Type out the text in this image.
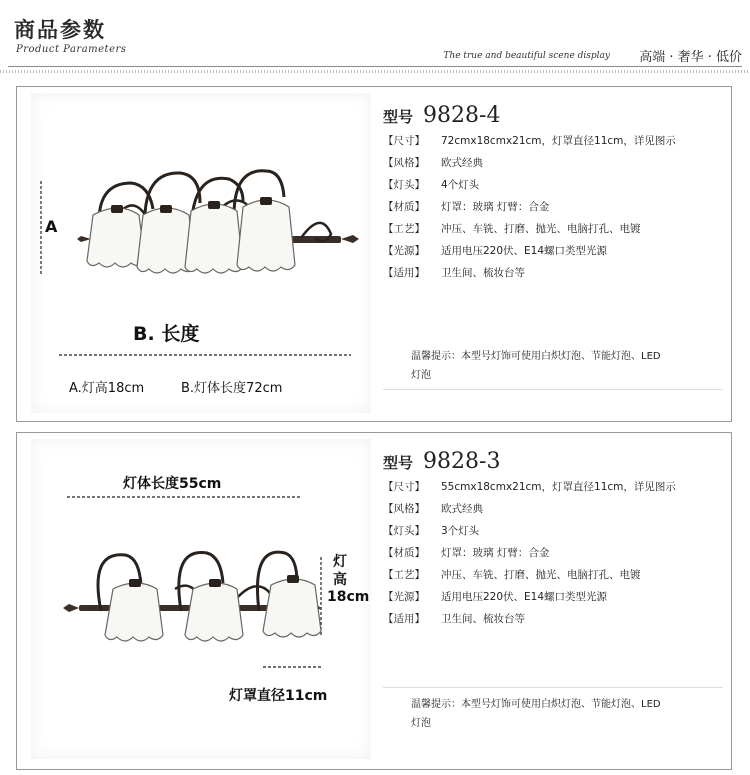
商品参数
Product Parameters
The true and beautiful scene display 高端 · 奢华 · 低价
A
B. 长度
A.灯高18cm	B.灯体长度72cm
型号 9828-4
【尺寸】	72cmx18cmx21cm，灯罩直径11cm，详见图示
【风格】	欧式经典
【灯头】	4个灯头
【材质】	灯罩：玻璃 灯臂：合金
【工艺】	冲压、车铣、打磨、抛光、电脑打孔、电镀
【光源】	适用电压220伏、E14螺口类型光源
【适用】	卫生间、梳妆台等
温馨提示：本型号灯饰可使用白炽灯泡、节能灯泡、LED
灯泡
灯体长度55cm
灯
高
18cm
灯罩直径11cm
型号 9828-3
【尺寸】	55cmx18cmx21cm，灯罩直径11cm，详见图示
【风格】	欧式经典
【灯头】	3个灯头
【材质】	灯罩：玻璃 灯臂：合金
【工艺】	冲压、车铣、打磨、抛光、电脑打孔、电镀
【光源】	适用电压220伏、E14螺口类型光源
【适用】	卫生间、梳妆台等
温馨提示：本型号灯饰可使用白炽灯泡、节能灯泡、LED
灯泡
